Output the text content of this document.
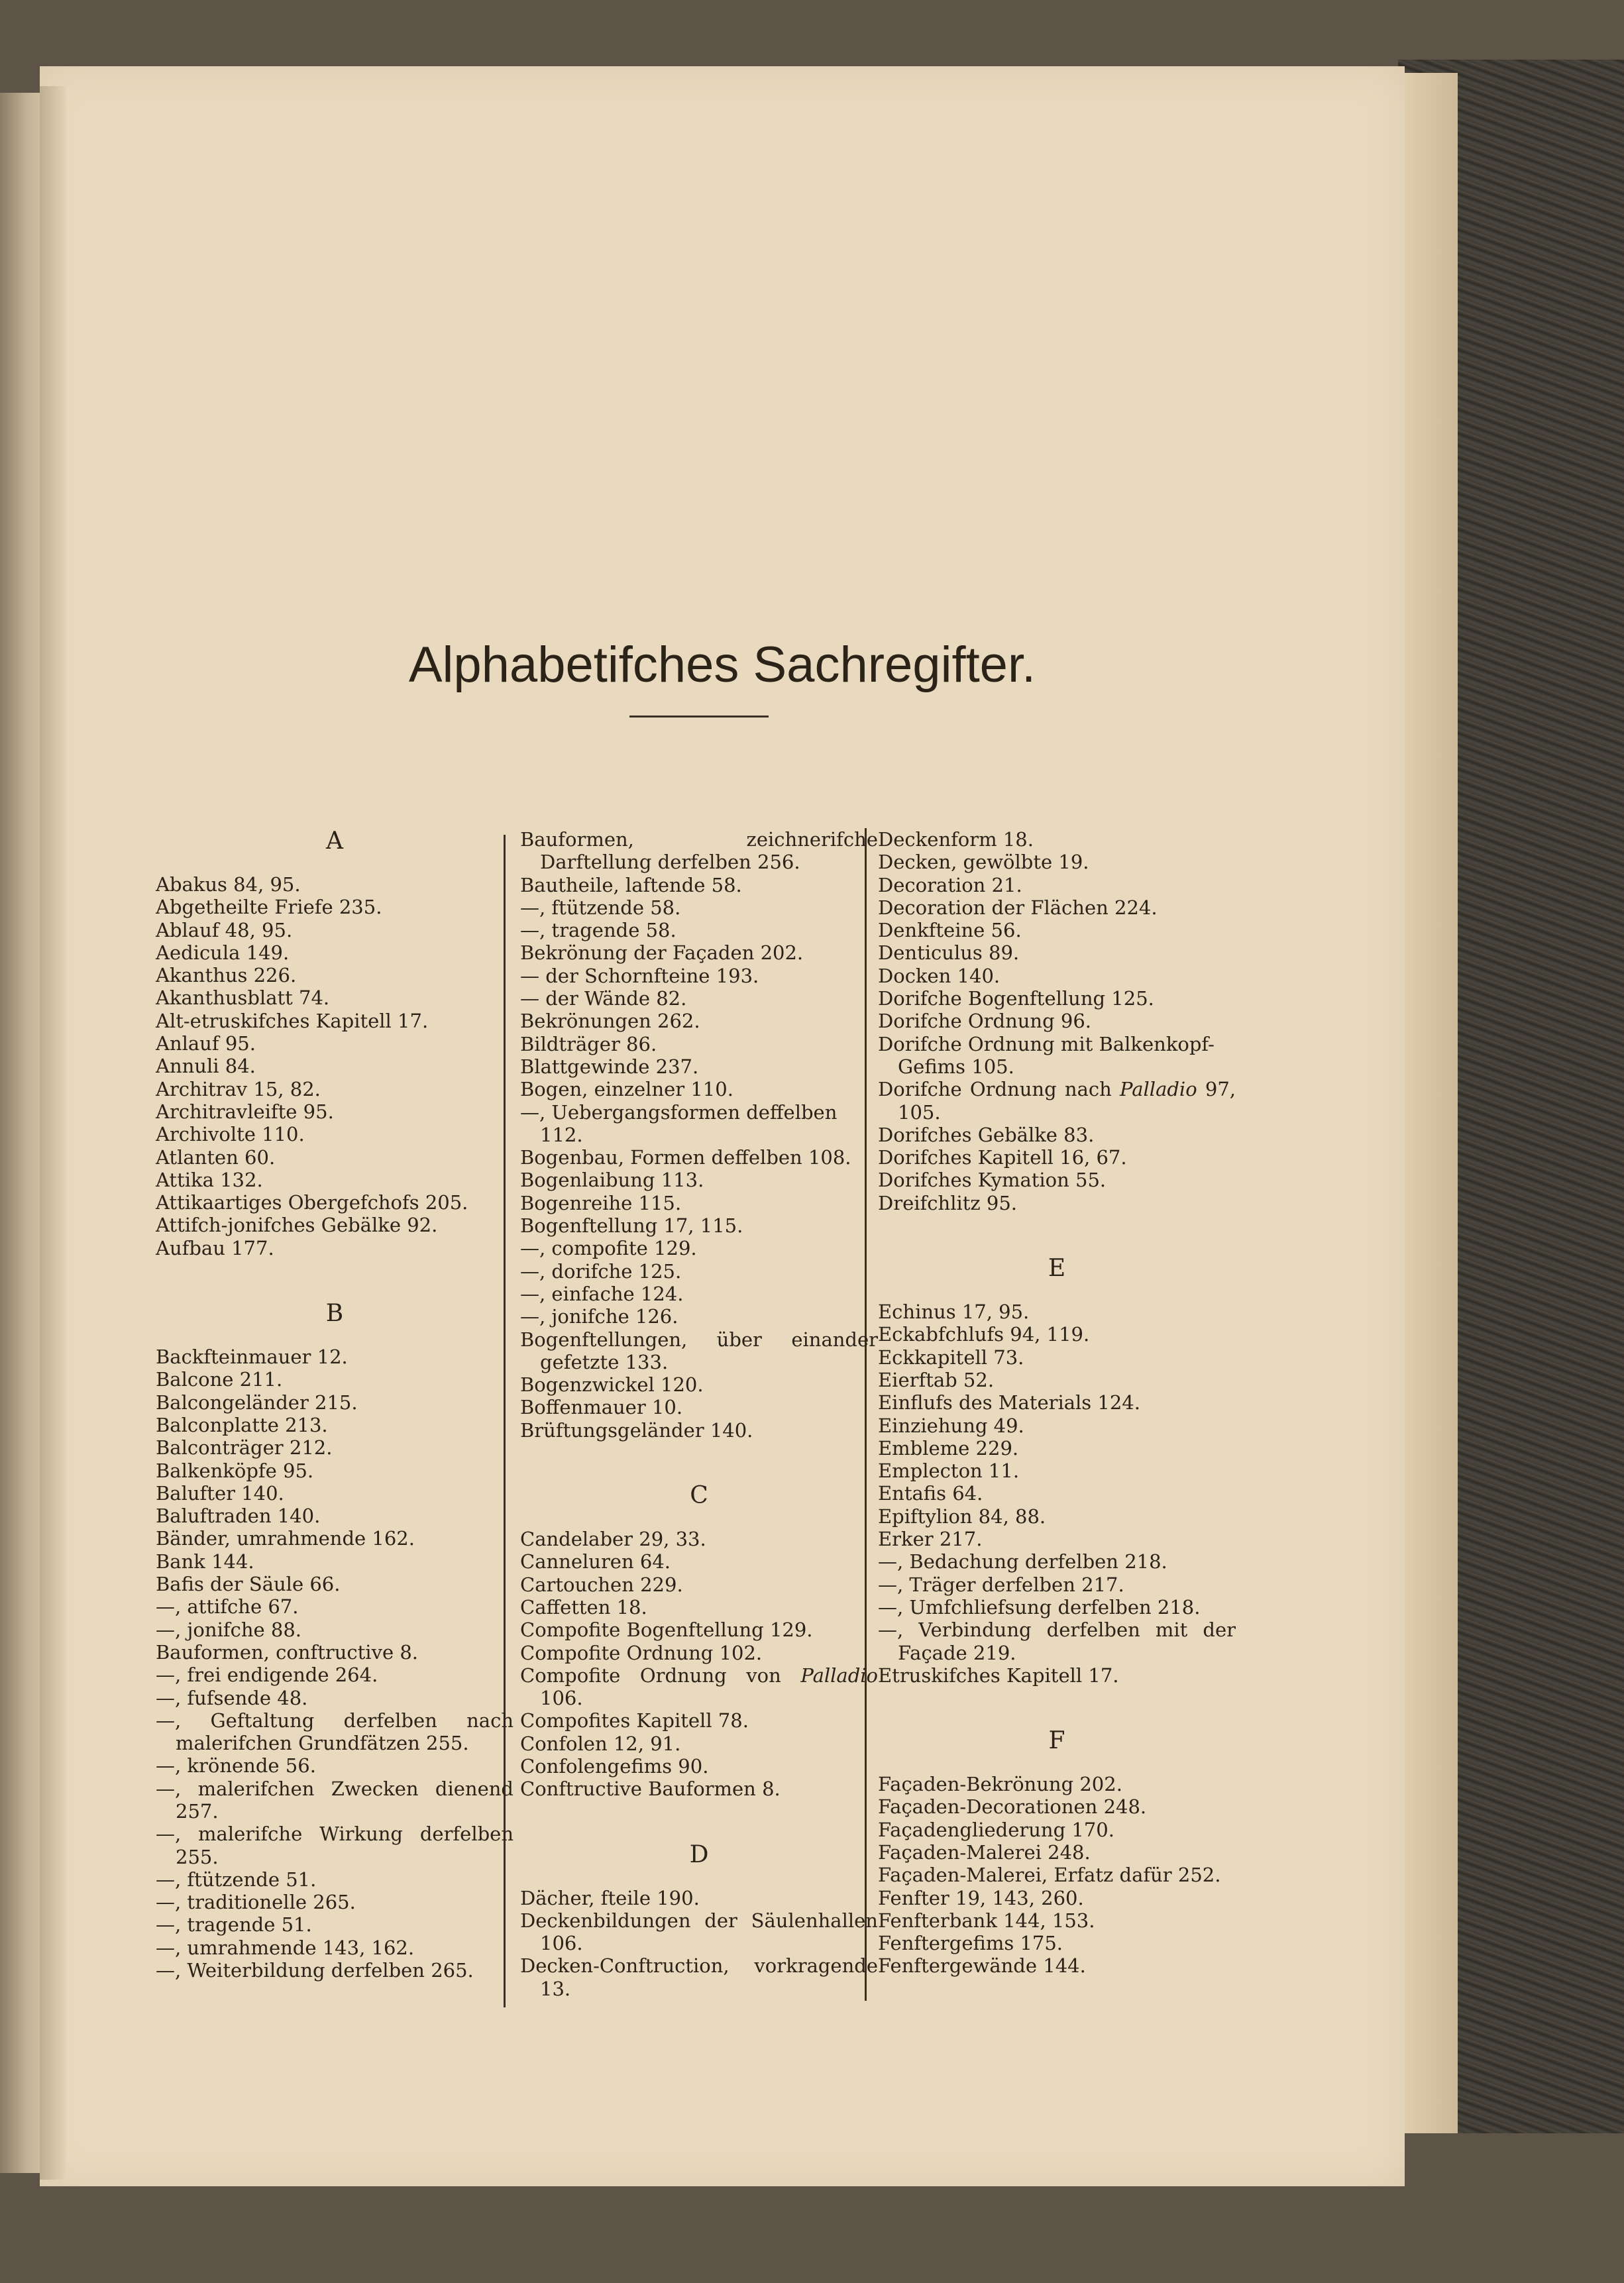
Alphabetifches Sachregifter.
A
Abakus 84, 95.
Abgetheilte Friefe 235.
Ablauf 48, 95.
Aedicula 149.
Akanthus 226.
Akanthusblatt 74.
Alt-etruskifches Kapitell 17.
Anlauf 95.
Annuli 84.
Architrav 15, 82.
Architravleifte 95.
Archivolte 110.
Atlanten 60.
Attika 132.
Attikaartiges Obergefchofs 205.
Attifch-jonifches Gebälke 92.
Aufbau 177.
B
Backfteinmauer 12.
Balcone 211.
Balcongeländer 215.
Balconplatte 213.
Balconträger 212.
Balkenköpfe 95.
Balufter 140.
Baluftraden 140.
Bänder, umrahmende 162.
Bank 144.
Bafis der Säule 66.
—, attifche 67.
—, jonifche 88.
Bauformen, conftructive 8.
—, frei endigende 264.
—, fufsende 48.
—, Geftaltung derfelben nach malerifchen Grundfätzen 255.
—, krönende 56.
—, malerifchen Zwecken dienend 257.
—, malerifche Wirkung derfelben 255.
—, ftützende 51.
—, traditionelle 265.
—, tragende 51.
—, umrahmende 143, 162.
—, Weiterbildung derfelben 265.
Bauformen, zeichnerifche Darftellung derfelben 256.
Bautheile, laftende 58.
—, ftützende 58.
—, tragende 58.
Bekrönung der Façaden 202.
— der Schornfteine 193.
— der Wände 82.
Bekrönungen 262.
Bildträger 86.
Blattgewinde 237.
Bogen, einzelner 110.
—, Uebergangsformen deffelben 112.
Bogenbau, Formen deffelben 108.
Bogenlaibung 113.
Bogenreihe 115.
Bogenftellung 17, 115.
—, compofite 129.
—, dorifche 125.
—, einfache 124.
—, jonifche 126.
Bogenftellungen, über einander gefetzte 133.
Bogenzwickel 120.
Boffenmauer 10.
Brüftungsgeländer 140.
C
Candelaber 29, 33.
Canneluren 64.
Cartouchen 229.
Caffetten 18.
Compofite Bogenftellung 129.
Compofite Ordnung 102.
Compofite Ordnung von Palladio 106.
Compofites Kapitell 78.
Confolen 12, 91.
Confolengefims 90.
Conftructive Bauformen 8.
D
Dächer, fteile 190.
Deckenbildungen der Säulenhallen 106.
Decken-Conftruction, vorkragende 13.
Deckenform 18.
Decken, gewölbte 19.
Decoration 21.
Decoration der Flächen 224.
Denkfteine 56.
Denticulus 89.
Docken 140.
Dorifche Bogenftellung 125.
Dorifche Ordnung 96.
Dorifche Ordnung mit Balkenkopf-Gefims 105.
Dorifche Ordnung nach Palladio 97, 105.
Dorifches Gebälke 83.
Dorifches Kapitell 16, 67.
Dorifches Kymation 55.
Dreifchlitz 95.
E
Echinus 17, 95.
Eckabfchlufs 94, 119.
Eckkapitell 73.
Eierftab 52.
Einflufs des Materials 124.
Einziehung 49.
Embleme 229.
Emplecton 11.
Entafis 64.
Epiftylion 84, 88.
Erker 217.
—, Bedachung derfelben 218.
—, Träger derfelben 217.
—, Umfchliefsung derfelben 218.
—, Verbindung derfelben mit der Façade 219.
Etruskifches Kapitell 17.
F
Façaden-Bekrönung 202.
Façaden-Decorationen 248.
Façadengliederung 170.
Façaden-Malerei 248.
Façaden-Malerei, Erfatz dafür 252.
Fenfter 19, 143, 260.
Fenfterbank 144, 153.
Fenftergefims 175.
Fenftergewände 144.
